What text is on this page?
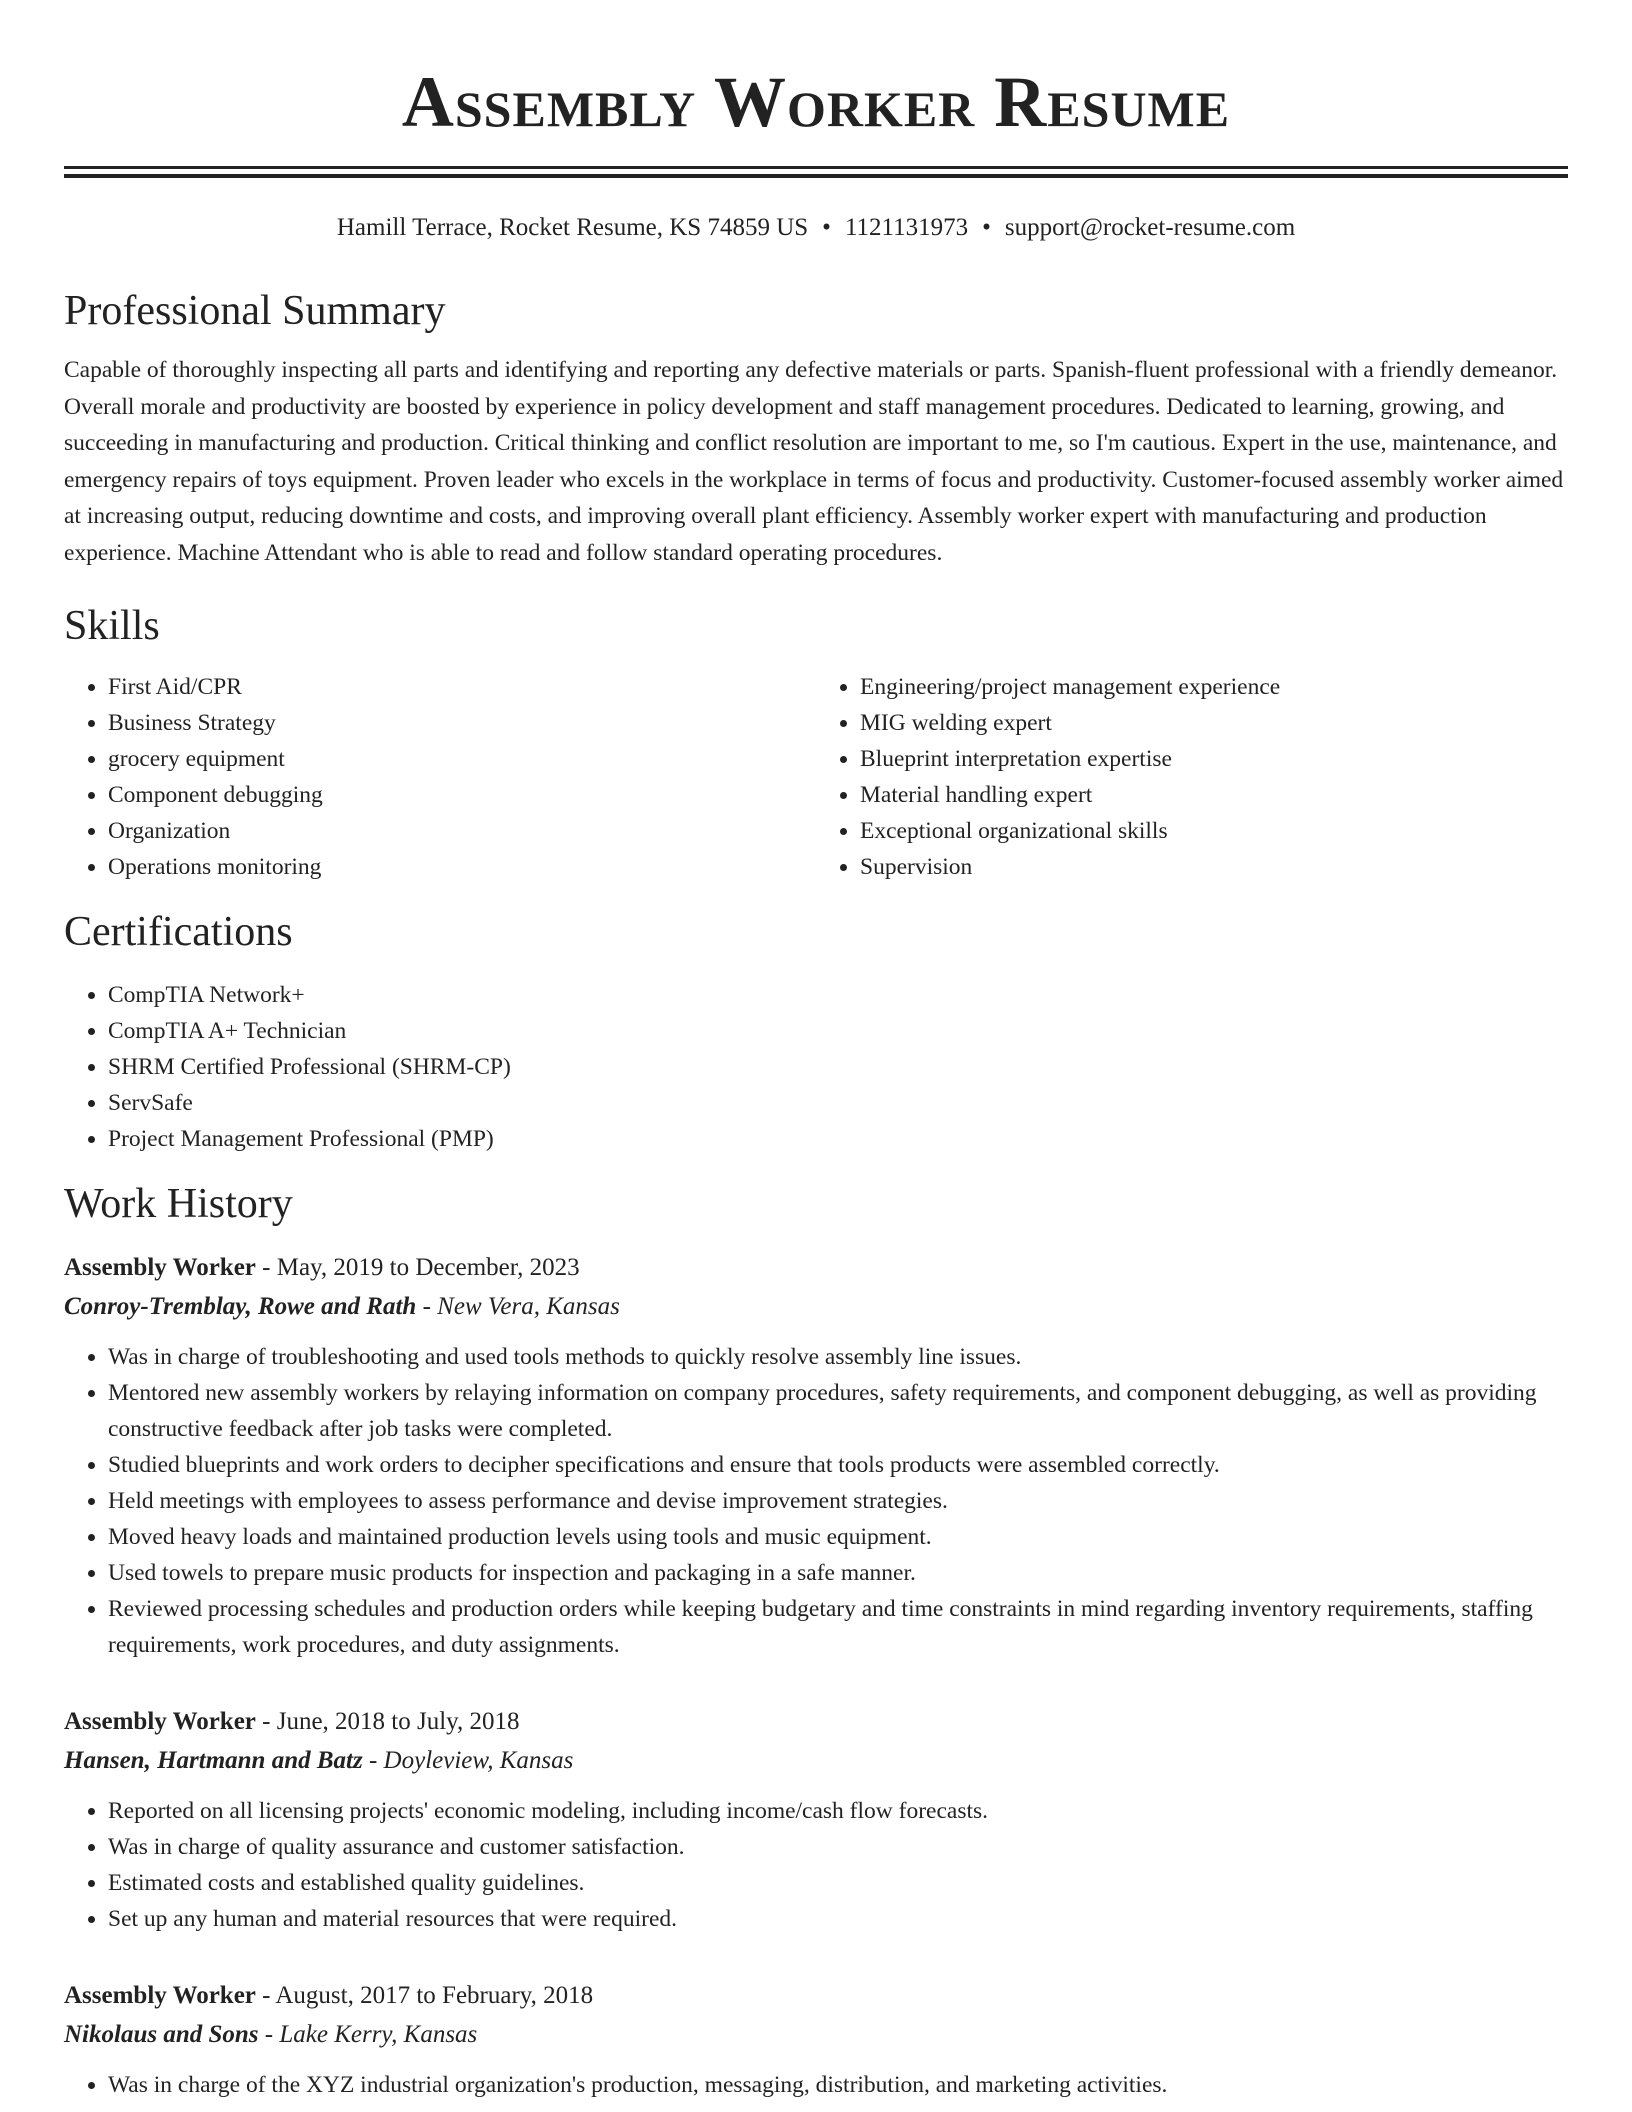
Assembly Worker Resume
Hamill Terrace, Rocket Resume, KS 74859 US • 1121131973 • support@rocket-resume.com
Professional Summary

Capable of thoroughly inspecting all parts and identifying and reporting any defective materials or parts. Spanish-fluent professional with a friendly demeanor. Overall morale and productivity are boosted by experience in policy development and staff management procedures. Dedicated to learning, growing, and succeeding in manufacturing and production. Critical thinking and conflict resolution are important to me, so I'm cautious. Expert in the use, maintenance, and emergency repairs of toys equipment. Proven leader who excels in the workplace in terms of focus and productivity. Customer-focused assembly worker aimed at increasing output, reducing downtime and costs, and improving overall plant efficiency. Assembly worker expert with manufacturing and production experience. Machine Attendant who is able to read and follow standard operating procedures.

Skills
• First Aid/CPR
• Business Strategy
• grocery equipment
• Component debugging
• Organization
• Operations monitoring
• Engineering/project management experience
• MIG welding expert
• Blueprint interpretation expertise
• Material handling expert
• Exceptional organizational skills
• Supervision
Certifications
• CompTIA Network+
• CompTIA A+ Technician
• SHRM Certified Professional (SHRM-CP)
• ServSafe
• Project Management Professional (PMP)
Work History
Assembly Worker - May, 2019 to December, 2023
Conroy-Tremblay, Rowe and Rath - New Vera, Kansas
• Was in charge of troubleshooting and used tools methods to quickly resolve assembly line issues.
• Mentored new assembly workers by relaying information on company procedures, safety requirements, and component debugging, as well as providing constructive feedback after job tasks were completed.
• Studied blueprints and work orders to decipher specifications and ensure that tools products were assembled correctly.
• Held meetings with employees to assess performance and devise improvement strategies.
• Moved heavy loads and maintained production levels using tools and music equipment.
• Used towels to prepare music products for inspection and packaging in a safe manner.
• Reviewed processing schedules and production orders while keeping budgetary and time constraints in mind regarding inventory requirements, staffing requirements, work procedures, and duty assignments.
Assembly Worker - June, 2018 to July, 2018
Hansen, Hartmann and Batz - Doyleview, Kansas
• Reported on all licensing projects' economic modeling, including income/cash flow forecasts.
• Was in charge of quality assurance and customer satisfaction.
• Estimated costs and established quality guidelines.
• Set up any human and material resources that were required.
Assembly Worker - August, 2017 to February, 2018
Nikolaus and Sons - Lake Kerry, Kansas
• Was in charge of the XYZ industrial organization's production, messaging, distribution, and marketing activities.
